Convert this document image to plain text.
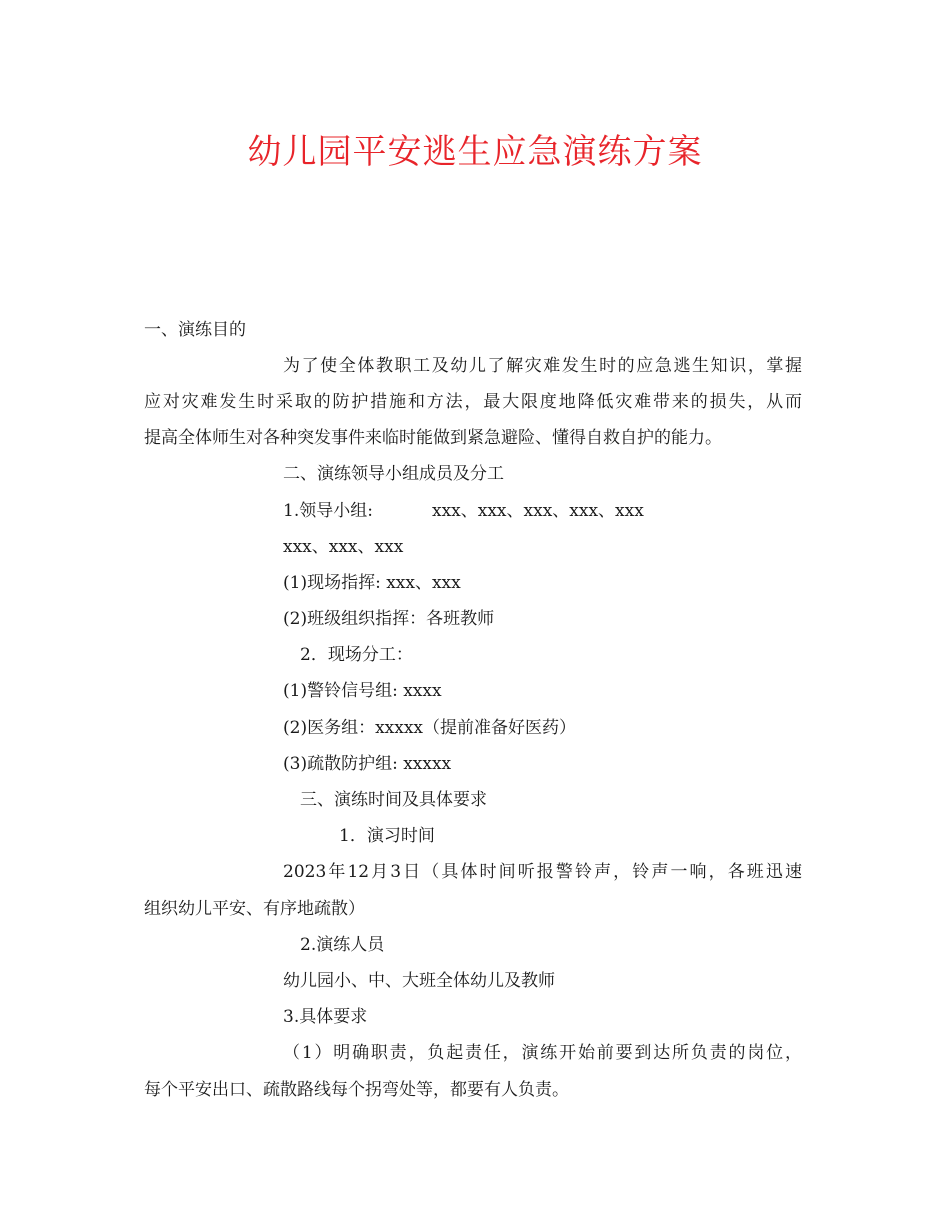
幼儿园平安逃生应急演练方案
一、演练目的
为了使全体教职工及幼儿了解灾难发生时的应急逃生知识，掌握
应对灾难发生时采取的防护措施和方法，最大限度地降低灾难带来的损失，从而
提高全体师生对各种突发事件来临时能做到紧急避险、懂得自救自护的能力。
二、演练领导小组成员及分工
1.领导小组:	xxx、xxx、xxx、xxx、xxx
xxx、xxx、xxx
(1)现场指挥: xxx、xxx
(2)班级组织指挥：各班教师
2．现场分工：
(1)警铃信号组: xxxx
(2)医务组：xxxxx（提前准备好医药）
(3)疏散防护组: xxxxx
三、演练时间及具体要求
1．演习时间
2023年12月3日（具体时间听报警铃声，铃声一响，各班迅速
组织幼儿平安、有序地疏散）
2.演练人员
幼儿园小、中、大班全体幼儿及教师
3.具体要求
（1）明确职责，负起责任，演练开始前要到达所负责的岗位，
每个平安出口、疏散路线每个拐弯处等，都要有人负责。
